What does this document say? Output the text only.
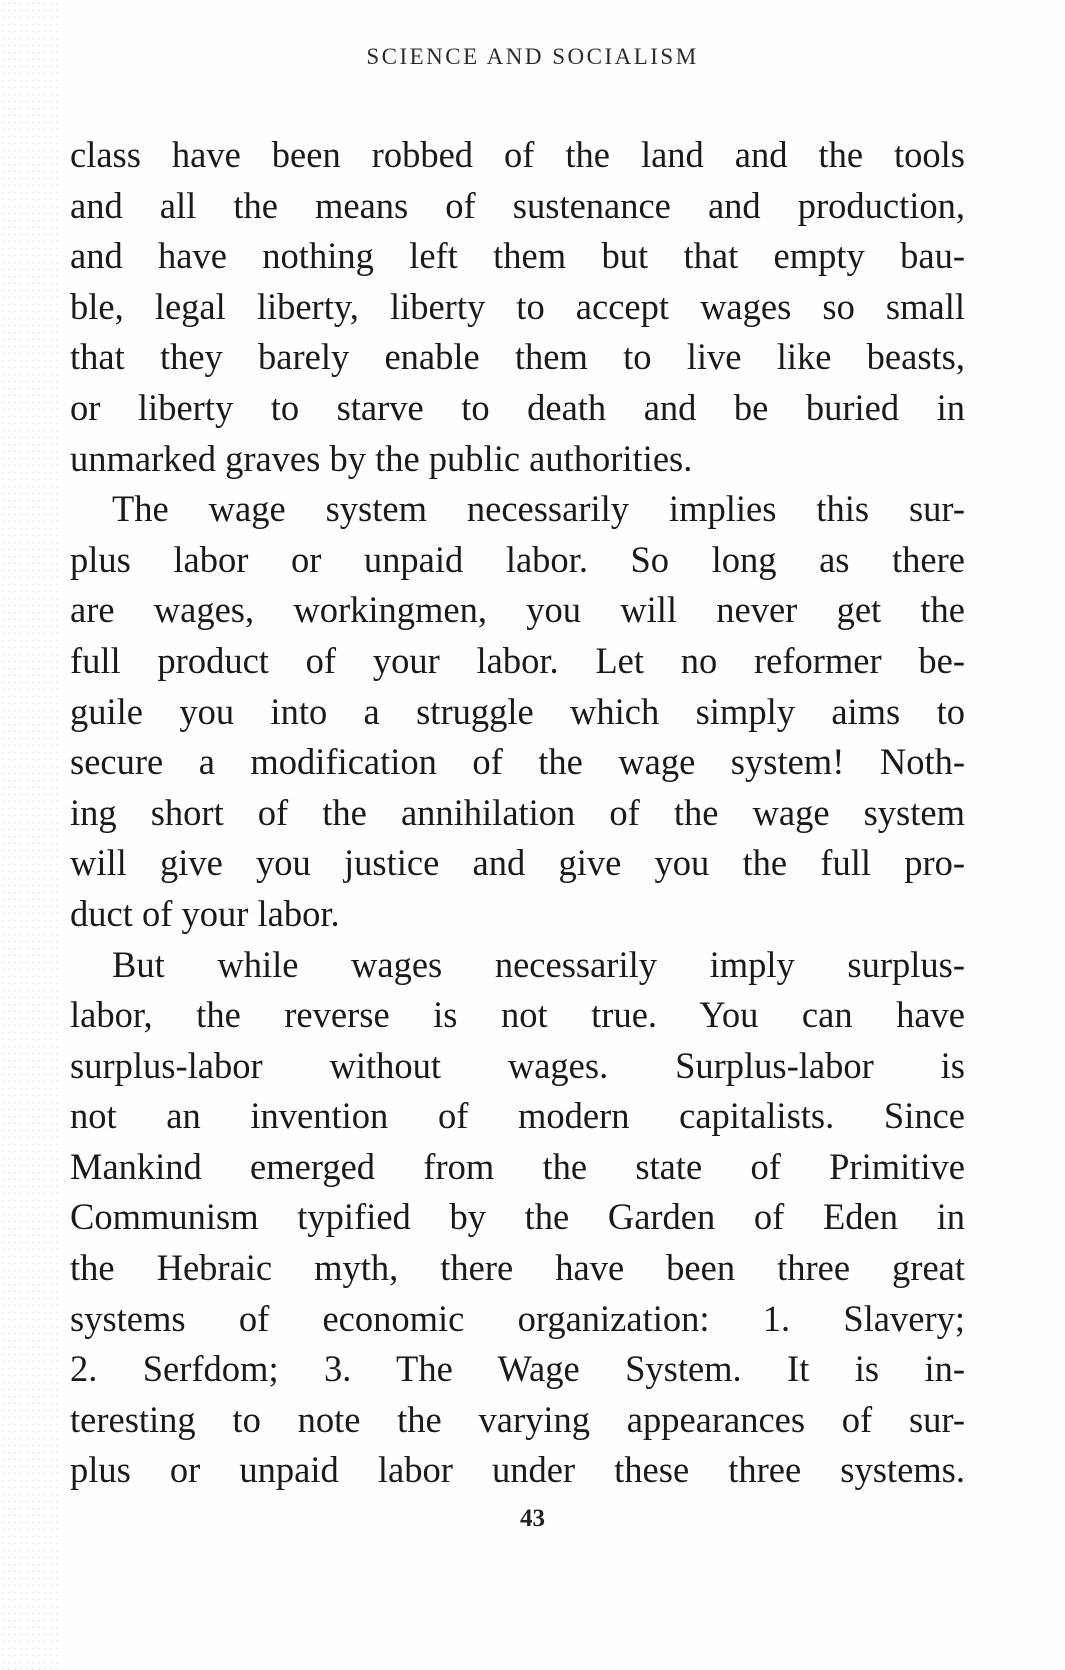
SCIENCE AND SOCIALISM
class have been robbed of the land and the tools
and all the means of sustenance and production,
and have nothing left them but that empty bau-
ble, legal liberty, liberty to accept wages so small
that they barely enable them to live like beasts,
or liberty to starve to death and be buried in
unmarked graves by the public authorities.
The wage system necessarily implies this sur-
plus labor or unpaid labor. So long as there
are wages, workingmen, you will never get the
full product of your labor. Let no reformer be-
guile you into a struggle which simply aims to
secure a modification of the wage system! Noth-
ing short of the annihilation of the wage system
will give you justice and give you the full pro-
duct of your labor.
But while wages necessarily imply surplus-
labor, the reverse is not true. You can have
surplus-labor without wages. Surplus-labor is
not an invention of modern capitalists. Since
Mankind emerged from the state of Primitive
Communism typified by the Garden of Eden in
the Hebraic myth, there have been three great
systems of economic organization: 1. Slavery;
2. Serfdom; 3. The Wage System. It is in-
teresting to note the varying appearances of sur-
plus or unpaid labor under these three systems.
43
